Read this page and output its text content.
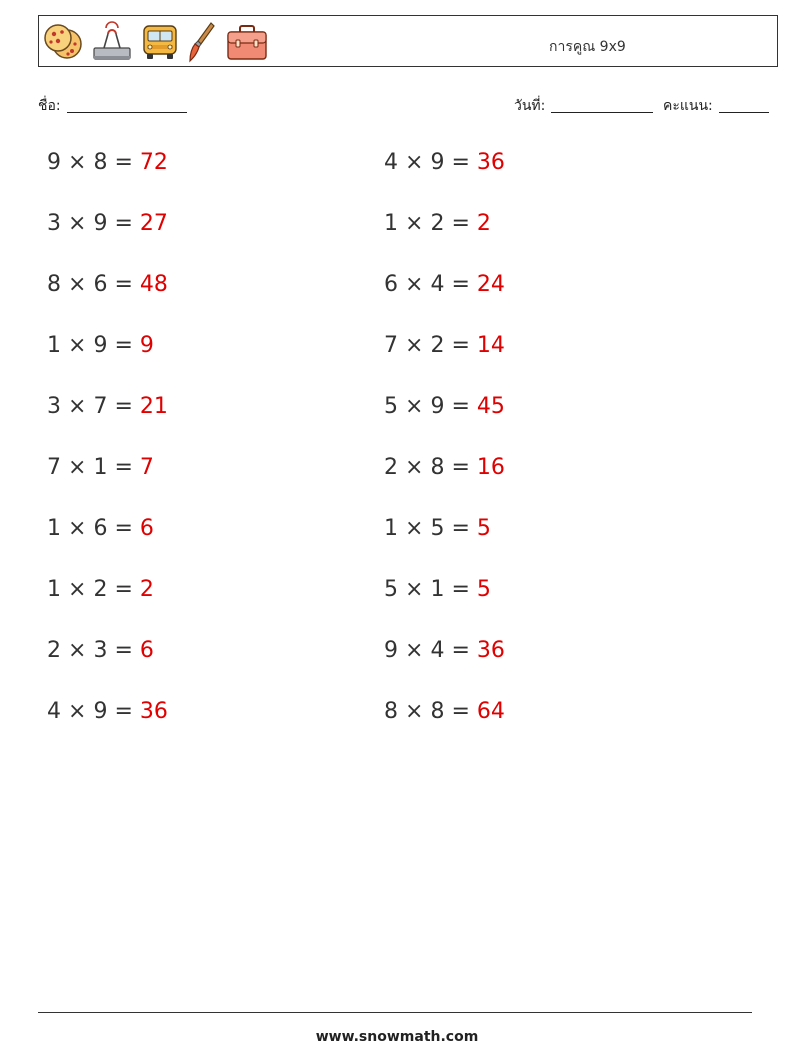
การคูณ 9x9
ชื่อ:	วันที่:	คะแนน:
9 × 8 = 72	4 × 9 = 36
3 × 9 = 27	1 × 2 = 2
8 × 6 = 48	6 × 4 = 24
1 × 9 = 9	7 × 2 = 14
3 × 7 = 21	5 × 9 = 45
7 × 1 = 7	2 × 8 = 16
1 × 6 = 6	1 × 5 = 5
1 × 2 = 2	5 × 1 = 5
2 × 3 = 6	9 × 4 = 36
4 × 9 = 36	8 × 8 = 64
www.snowmath.com
